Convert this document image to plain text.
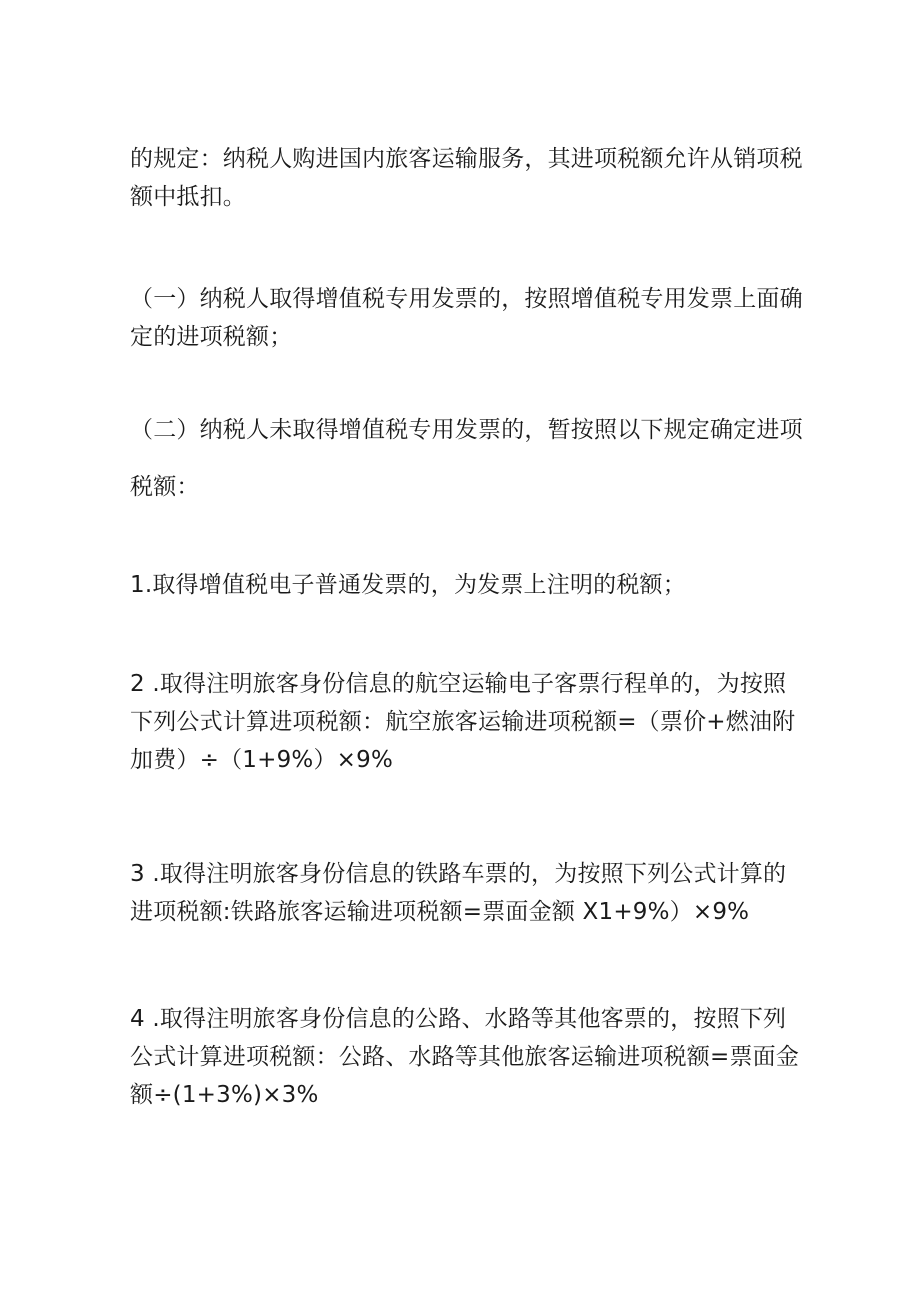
的规定：纳税人购进国内旅客运输服务，其进项税额允许从销项税
额中抵扣。

（一）纳税人取得增值税专用发票的，按照增值税专用发票上面确
定的进项税额；

（二）纳税人未取得增值税专用发票的，暂按照以下规定确定进项
税额：

1.取得增值税电子普通发票的，为发票上注明的税额；

2 .取得注明旅客身份信息的航空运输电子客票行程单的，为按照
下列公式计算进项税额：航空旅客运输进项税额=（票价+燃油附
加费）÷（1+9%）×9%

3 .取得注明旅客身份信息的铁路车票的，为按照下列公式计算的
进项税额:铁路旅客运输进项税额=票面金额 X1+9%）×9%

4 .取得注明旅客身份信息的公路、水路等其他客票的，按照下列
公式计算进项税额：公路、水路等其他旅客运输进项税额=票面金
额÷(1+3%)×3%
